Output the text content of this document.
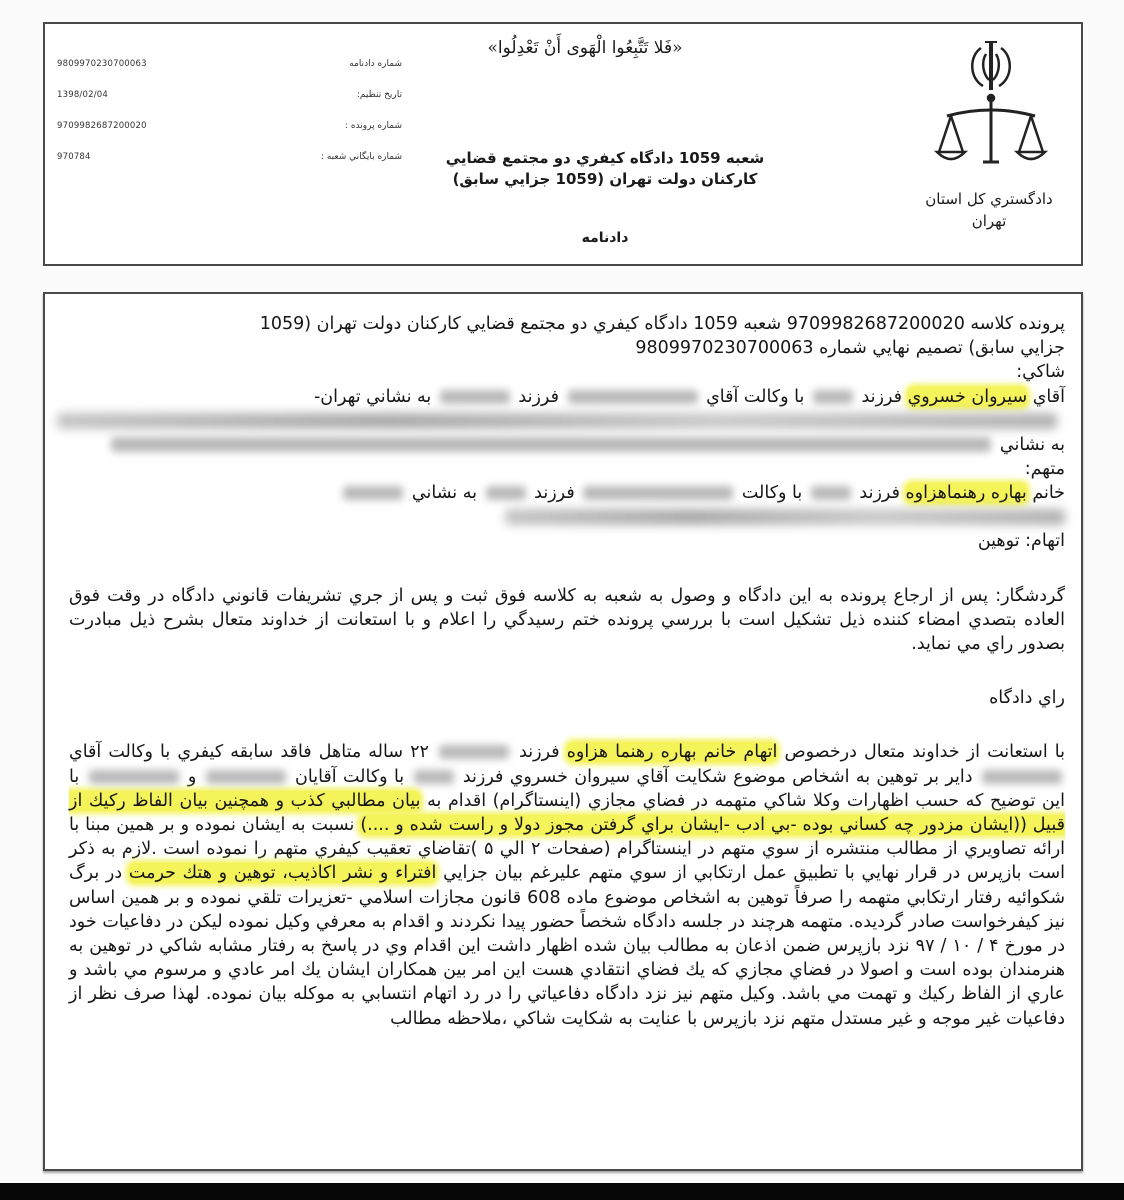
دادگستري كل استان
تهران
«فَلا تَتَّبِعُوا الْهَوى‏ أَنْ تَعْدِلُوا»
شعبه 1059 دادگاه کیفري دو مجتمع قضايي
کارکنان دولت تهران (1059 جزايي سابق)
دادنامه
9809970230700063	شماره دادنامه
1398/02/04	تاريخ تنظيم:
9709982687200020	شماره پرونده :
970784	شماره بايگاني شعبه :

پرونده كلاسه 9709982687200020 شعبه 1059 دادگاه كيفري دو مجتمع قضايي كاركنان دولت تهران (1059
جزايي سابق) تصميم نهايي شماره 9809970230700063

شاكي:

آقاي سيروان خسروي فرزند  با وكالت آقاي  فرزند  به نشاني تهران-

به نشاني

متهم:

خانم بهاره رهنماهزاوه فرزند  با وكالت  فرزند  به نشاني

اتهام: توهين

گردشگار: پس از ارجاع پرونده به اين دادگاه و وصول به شعبه به كلاسه فوق ثبت و پس از جري تشريفات قانوني دادگاه در وقت فوق العاده بتصدي امضاء كننده ذيل تشكيل است با بررسي پرونده ختم رسيدگي را اعلام و با استعانت از خداوند متعال بشرح ذيل مبادرت بصدور راي مي نمايد.

راي دادگاه

با استعانت از خداوند متعال درخصوص اتهام خانم بهاره رهنما هزاوه فرزند  ۲۲ ساله متاهل فاقد سابقه كيفري با وكالت آقاي  داير بر توهين به اشخاص موضوع شكايت آقاي سيروان خسروي فرزند  با وكالت آقايان  و  با اين توضيح كه حسب اظهارات وكلا شاكي متهمه در فضاي مجازي (اينستاگرام) اقدام به بيان مطالبي كذب و همچنين بيان الفاظ ركيك از قبيل ((ايشان مزدور چه كساني بوده -بي ادب -ايشان براي گرفتن مجوز دولا و راست شده و ....) نسبت به ايشان نموده و بر همين مبنا با ارائه تصاويري از مطالب منتشره از سوي متهم در اينستاگرام (صفحات ۲ الي ۵ )تقاضاي تعقيب كيفري متهم را نموده است .لازم به ذكر است بازپرس در قرار نهايي با تطبيق عمل ارتكابي از سوي متهم عليرغم بيان جزايي افتراء و نشر اكاذيب، توهين و هتك حرمت در برگ شكوائيه رفتار ارتكابي متهمه را صرفاً توهين به اشخاص موضوع ماده 608 قانون مجازات اسلامي -تعزيرات تلقي نموده و بر همين اساس نيز كيفرخواست صادر گرديده. متهمه هرچند در جلسه دادگاه شخصاً حضور پيدا نكردند و اقدام به معرفي وكيل نموده ليكن در دفاعيات خود در مورخ ۴ / ۱۰ / ۹۷ نزد بازپرس ضمن اذعان به مطالب بيان شده اظهار داشت اين اقدام وي در پاسخ به رفتار مشابه شاكي در توهين به هنرمندان بوده است و اصولا در فضاي مجازي كه يك فضاي انتقادي هست اين امر بين همكاران ايشان يك امر عادي و مرسوم مي باشد و عاري از الفاظ ركيك و تهمت مي باشد. وكيل متهم نيز نزد دادگاه دفاعياتي را در رد اتهام انتسابي به موكله بيان نموده. لهذا صرف نظر از دفاعيات غير موجه و غير مستدل متهم نزد بازپرس با عنايت به شكايت شاكي ،ملاحظه مطالب
